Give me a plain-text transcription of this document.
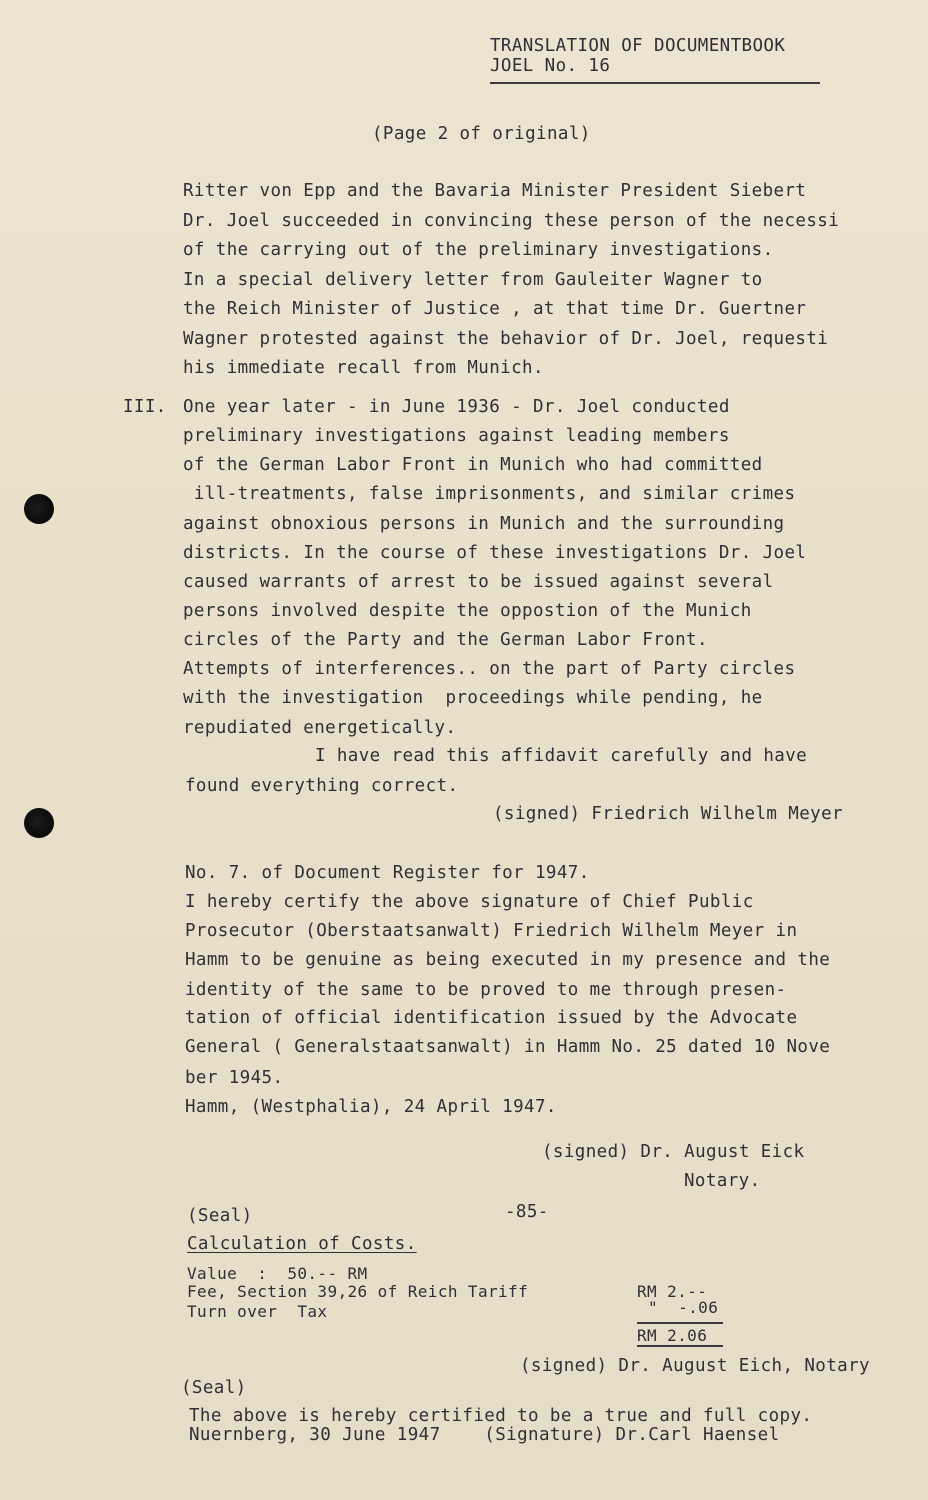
TRANSLATION OF DOCUMENTBOOK
JOEL No. 16
(Page 2 of original)
Ritter von Epp and the Bavaria Minister President Siebert
Dr. Joel succeeded in convincing these person of the necessi
of the carrying out of the preliminary investigations.
In a special delivery letter from Gauleiter Wagner to
the Reich Minister of Justice , at that time Dr. Guertner
Wagner protested against the behavior of Dr. Joel, requesti
his immediate recall from Munich.
III. One year later - in June 1936 - Dr. Joel conducted
preliminary investigations against leading members
of the German Labor Front in Munich who had committed
ill-treatments, false imprisonments, and similar crimes
against obnoxious persons in Munich and the surrounding
districts. In the course of these investigations Dr. Joel
caused warrants of arrest to be issued against several
persons involved despite the oppostion of the Munich
circles of the Party and the German Labor Front.
Attempts of interferences.. on the part of Party circles
with the investigation  proceedings while pending, he
repudiated energetically.
I have read this affidavit carefully and have
found everything correct.
(signed) Friedrich Wilhelm Meyer
No. 7. of Document Register for 1947.
I hereby certify the above signature of Chief Public
Prosecutor (Oberstaatsanwalt) Friedrich Wilhelm Meyer in
Hamm to be genuine as being executed in my presence and the
identity of the same to be proved to me through presen-
tation of official identification issued by the Advocate
General ( Generalstaatsanwalt) in Hamm No. 25 dated 10 Nove
ber 1945.
Hamm, (Westphalia), 24 April 1947.
(signed) Dr. August Eick
Notary.
(Seal)	-85-
Calculation of Costs.
Value  :  50.-- RM
Fee, Section 39,26 of Reich Tariff	RM 2.--
Turn over  Tax	"  -.06
RM 2.06
(signed) Dr. August Eich, Notary
(Seal)
The above is hereby certified to be a true and full copy.
Nuernberg, 30 June 1947    (Signature) Dr.Carl Haensel
